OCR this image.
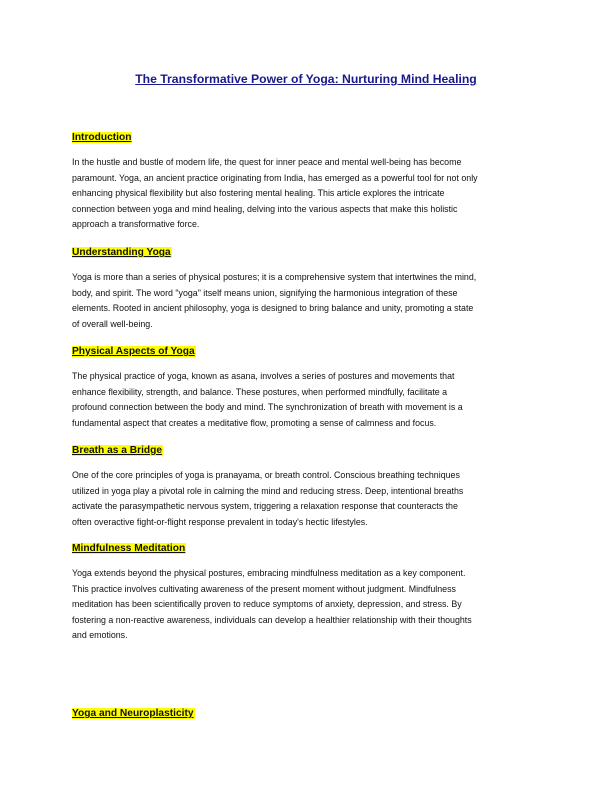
The Transformative Power of Yoga: Nurturing Mind Healing
Introduction
In the hustle and bustle of modern life, the quest for inner peace and mental well-being has become
paramount. Yoga, an ancient practice originating from India, has emerged as a powerful tool for not only
enhancing physical flexibility but also fostering mental healing. This article explores the intricate
connection between yoga and mind healing, delving into the various aspects that make this holistic
approach a transformative force.
Understanding Yoga
Yoga is more than a series of physical postures; it is a comprehensive system that intertwines the mind,
body, and spirit. The word "yoga" itself means union, signifying the harmonious integration of these
elements. Rooted in ancient philosophy, yoga is designed to bring balance and unity, promoting a state
of overall well-being.
Physical Aspects of Yoga
The physical practice of yoga, known as asana, involves a series of postures and movements that
enhance flexibility, strength, and balance. These postures, when performed mindfully, facilitate a
profound connection between the body and mind. The synchronization of breath with movement is a
fundamental aspect that creates a meditative flow, promoting a sense of calmness and focus.
Breath as a Bridge
One of the core principles of yoga is pranayama, or breath control. Conscious breathing techniques
utilized in yoga play a pivotal role in calming the mind and reducing stress. Deep, intentional breaths
activate the parasympathetic nervous system, triggering a relaxation response that counteracts the
often overactive fight-or-flight response prevalent in today's hectic lifestyles.
Mindfulness Meditation
Yoga extends beyond the physical postures, embracing mindfulness meditation as a key component.
This practice involves cultivating awareness of the present moment without judgment. Mindfulness
meditation has been scientifically proven to reduce symptoms of anxiety, depression, and stress. By
fostering a non-reactive awareness, individuals can develop a healthier relationship with their thoughts
and emotions.
Yoga and Neuroplasticity
